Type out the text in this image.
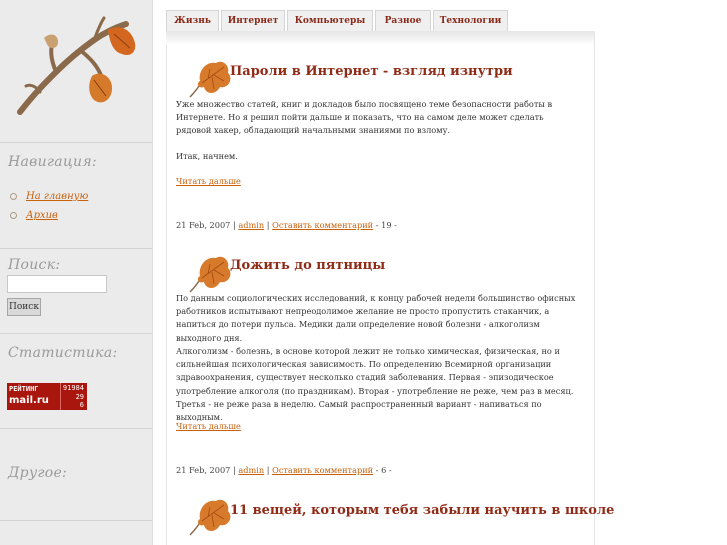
Навигация:
На главную
Архив
Поиск:
Поиск
Статистика:
РЕЙТИНГ
mail.ru
91984
29
6
Другое:
Жизнь	Интернет	Компьютеры	Разное	Технологии
Пароли в Интернет - взгляд изнутри

Уже множество статей, книг и докладов было посвящено теме безопасности работы в Интернете. Но я решил пойти дальше и показать, что на самом деле может сделать рядовой хакер, обладающий начальными знаниями по взлому.

Итак, начнем.

Читать дальше
21 Feb, 2007 | admin | Оставить комментарий - 19 -
Дожить до пятницы

По данным социологических исследований, к концу рабочей недели большинство офисных работников испытывают непреодолимое желание не просто пропустить стаканчик, а напиться до потери пульса. Медики дали определение новой болезни - алкоголизм выходного дня.

Алкоголизм - болезнь, в основе которой лежит не только химическая, физическая, но и сильнейшая психологическая зависимость. По определению Всемирной организации здравоохранения, существует несколько стадий заболевания. Первая - эпизодическое употребление алкоголя (по праздникам). Вторая - употребление не реже, чем раз в месяц. Третья - не реже раза в неделю. Самый распространенный вариант - напиваться по выходным.

Читать дальше
21 Feb, 2007 | admin | Оставить комментарий - 6 -
11 вещей, которым тебя забыли научить в школе
